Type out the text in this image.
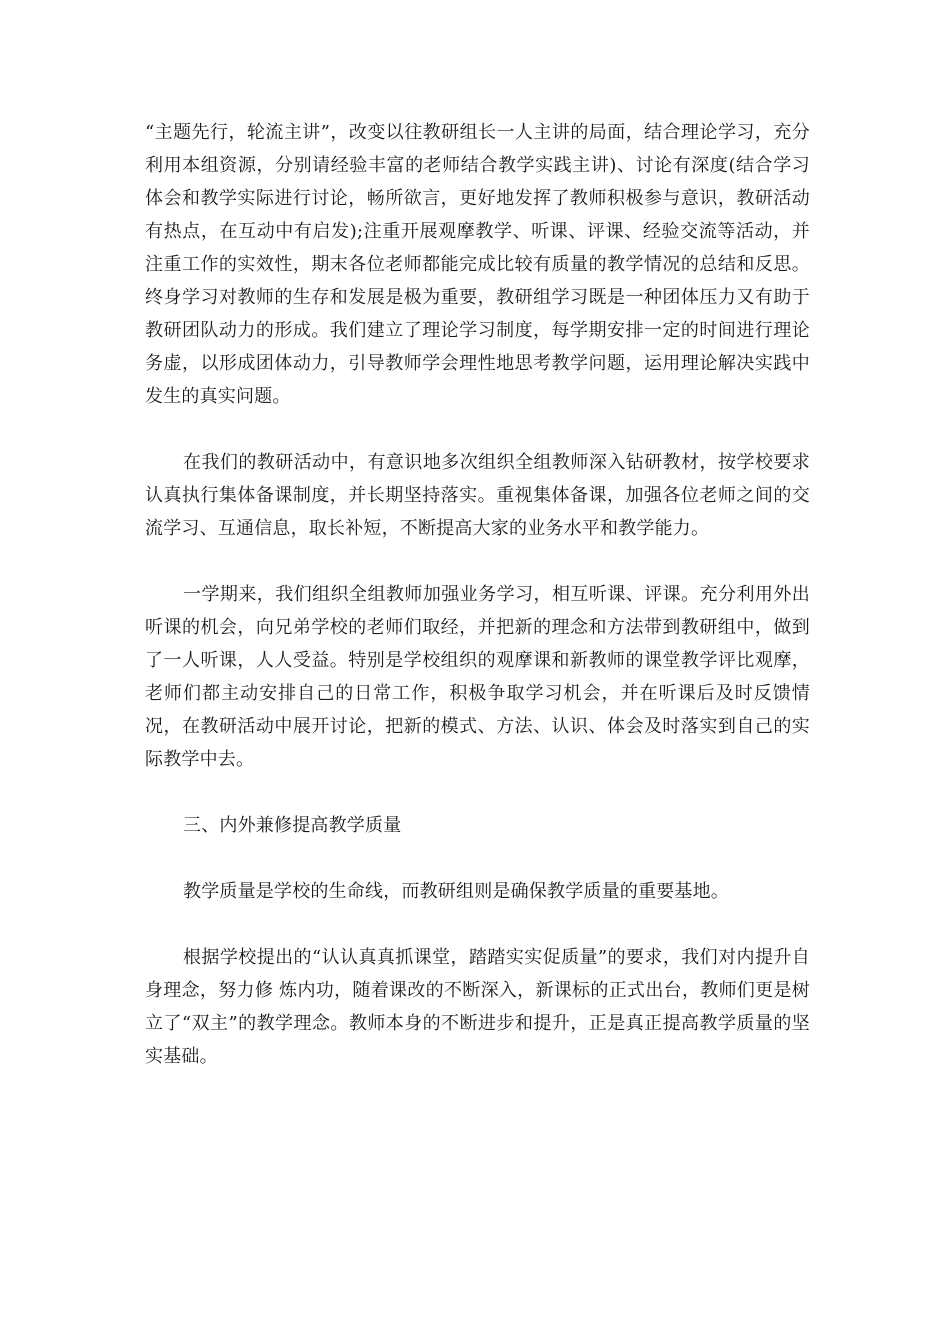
“主题先行，轮流主讲”，改变以往教研组长一人主讲的局面，结合理论学习，充分利用本组资源，分别请经验丰富的老师结合教学实践主讲)、讨论有深度(结合学习体会和教学实际进行讨论，畅所欲言，更好地发挥了教师积极参与意识，教研活动有热点，在互动中有启发);注重开展观摩教学、听课、评课、经验交流等活动，并注重工作的实效性，期末各位老师都能完成比较有质量的教学情况的总结和反思。终身学习对教师的生存和发展是极为重要，教研组学习既是一种团体压力又有助于教研团队动力的形成。我们建立了理论学习制度，每学期安排一定的时间进行理论务虚，以形成团体动力，引导教师学会理性地思考教学问题，运用理论解决实践中发生的真实问题。

在我们的教研活动中，有意识地多次组织全组教师深入钻研教材，按学校要求认真执行集体备课制度，并长期坚持落实。重视集体备课，加强各位老师之间的交流学习、互通信息，取长补短，不断提高大家的业务水平和教学能力。

一学期来，我们组织全组教师加强业务学习，相互听课、评课。充分利用外出听课的机会，向兄弟学校的老师们取经，并把新的理念和方法带到教研组中，做到了一人听课，人人受益。特别是学校组织的观摩课和新教师的课堂教学评比观摩，老师们都主动安排自己的日常工作，积极争取学习机会，并在听课后及时反馈情况，在教研活动中展开讨论，把新的模式、方法、认识、体会及时落实到自己的实际教学中去。

三、内外兼修提高教学质量

教学质量是学校的生命线，而教研组则是确保教学质量的重要基地。

根据学校提出的“认认真真抓课堂，踏踏实实促质量”的要求，我们对内提升自身理念，努力修 炼内功，随着课改的不断深入，新课标的正式出台，教师们更是树立了“双主”的教学理念。教师本身的不断进步和提升，正是真正提高教学质量的坚实基础。
